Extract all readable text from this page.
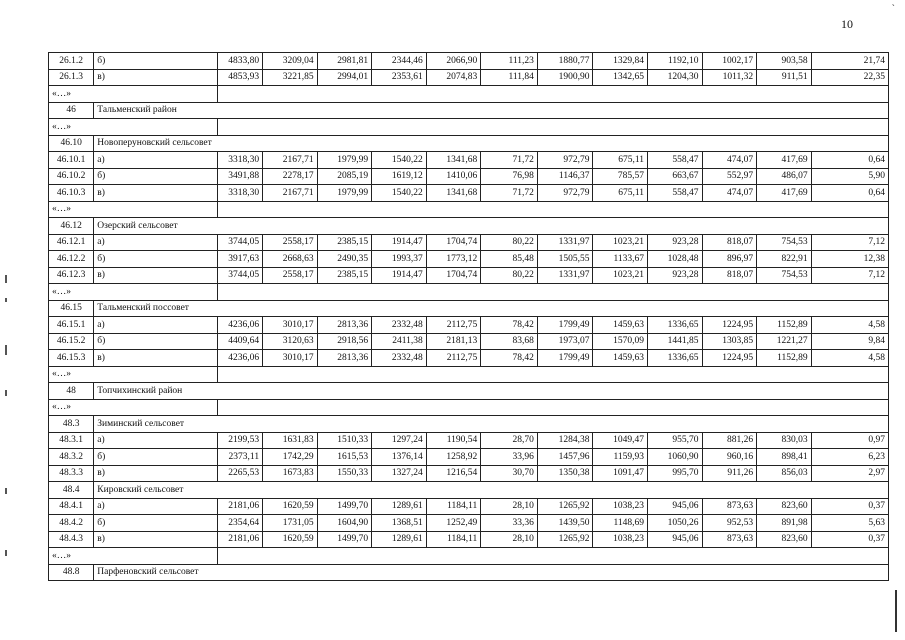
10
ˋ
26.1.2	б)	4833,80	3209,04	2981,81	2344,46	2066,90	111,23	1880,77	1329,84	1192,10	1002,17	903,58	21,74
26.1.3	в)	4853,93	3221,85	2994,01	2353,61	2074,83	111,84	1900,90	1342,65	1204,30	1011,32	911,51	22,35
«…»													
46	Тальменский район												
«…»													
46.10	Новоперуновский сельсовет												
46.10.1	а)	3318,30	2167,71	1979,99	1540,22	1341,68	71,72	972,79	675,11	558,47	474,07	417,69	0,64
46.10.2	б)	3491,88	2278,17	2085,19	1619,12	1410,06	76,98	1146,37	785,57	663,67	552,97	486,07	5,90
46.10.3	в)	3318,30	2167,71	1979,99	1540,22	1341,68	71,72	972,79	675,11	558,47	474,07	417,69	0,64
«…»													
46.12	Озерский сельсовет												
46.12.1	а)	3744,05	2558,17	2385,15	1914,47	1704,74	80,22	1331,97	1023,21	923,28	818,07	754,53	7,12
46.12.2	б)	3917,63	2668,63	2490,35	1993,37	1773,12	85,48	1505,55	1133,67	1028,48	896,97	822,91	12,38
46.12.3	в)	3744,05	2558,17	2385,15	1914,47	1704,74	80,22	1331,97	1023,21	923,28	818,07	754,53	7,12
«…»													
46.15	Тальменский поссовет												
46.15.1	а)	4236,06	3010,17	2813,36	2332,48	2112,75	78,42	1799,49	1459,63	1336,65	1224,95	1152,89	4,58
46.15.2	б)	4409,64	3120,63	2918,56	2411,38	2181,13	83,68	1973,07	1570,09	1441,85	1303,85	1221,27	9,84
46.15.3	в)	4236,06	3010,17	2813,36	2332,48	2112,75	78,42	1799,49	1459,63	1336,65	1224,95	1152,89	4,58
«…»													
48	Топчихинский район												
«…»													
48.3	Зиминский сельсовет												
48.3.1	а)	2199,53	1631,83	1510,33	1297,24	1190,54	28,70	1284,38	1049,47	955,70	881,26	830,03	0,97
48.3.2	б)	2373,11	1742,29	1615,53	1376,14	1258,92	33,96	1457,96	1159,93	1060,90	960,16	898,41	6,23
48.3.3	в)	2265,53	1673,83	1550,33	1327,24	1216,54	30,70	1350,38	1091,47	995,70	911,26	856,03	2,97
48.4	Кировский сельсовет												
48.4.1	а)	2181,06	1620,59	1499,70	1289,61	1184,11	28,10	1265,92	1038,23	945,06	873,63	823,60	0,37
48.4.2	б)	2354,64	1731,05	1604,90	1368,51	1252,49	33,36	1439,50	1148,69	1050,26	952,53	891,98	5,63
48.4.3	в)	2181,06	1620,59	1499,70	1289,61	1184,11	28,10	1265,92	1038,23	945,06	873,63	823,60	0,37
«…»													
48.8	Парфеновский сельсовет												
